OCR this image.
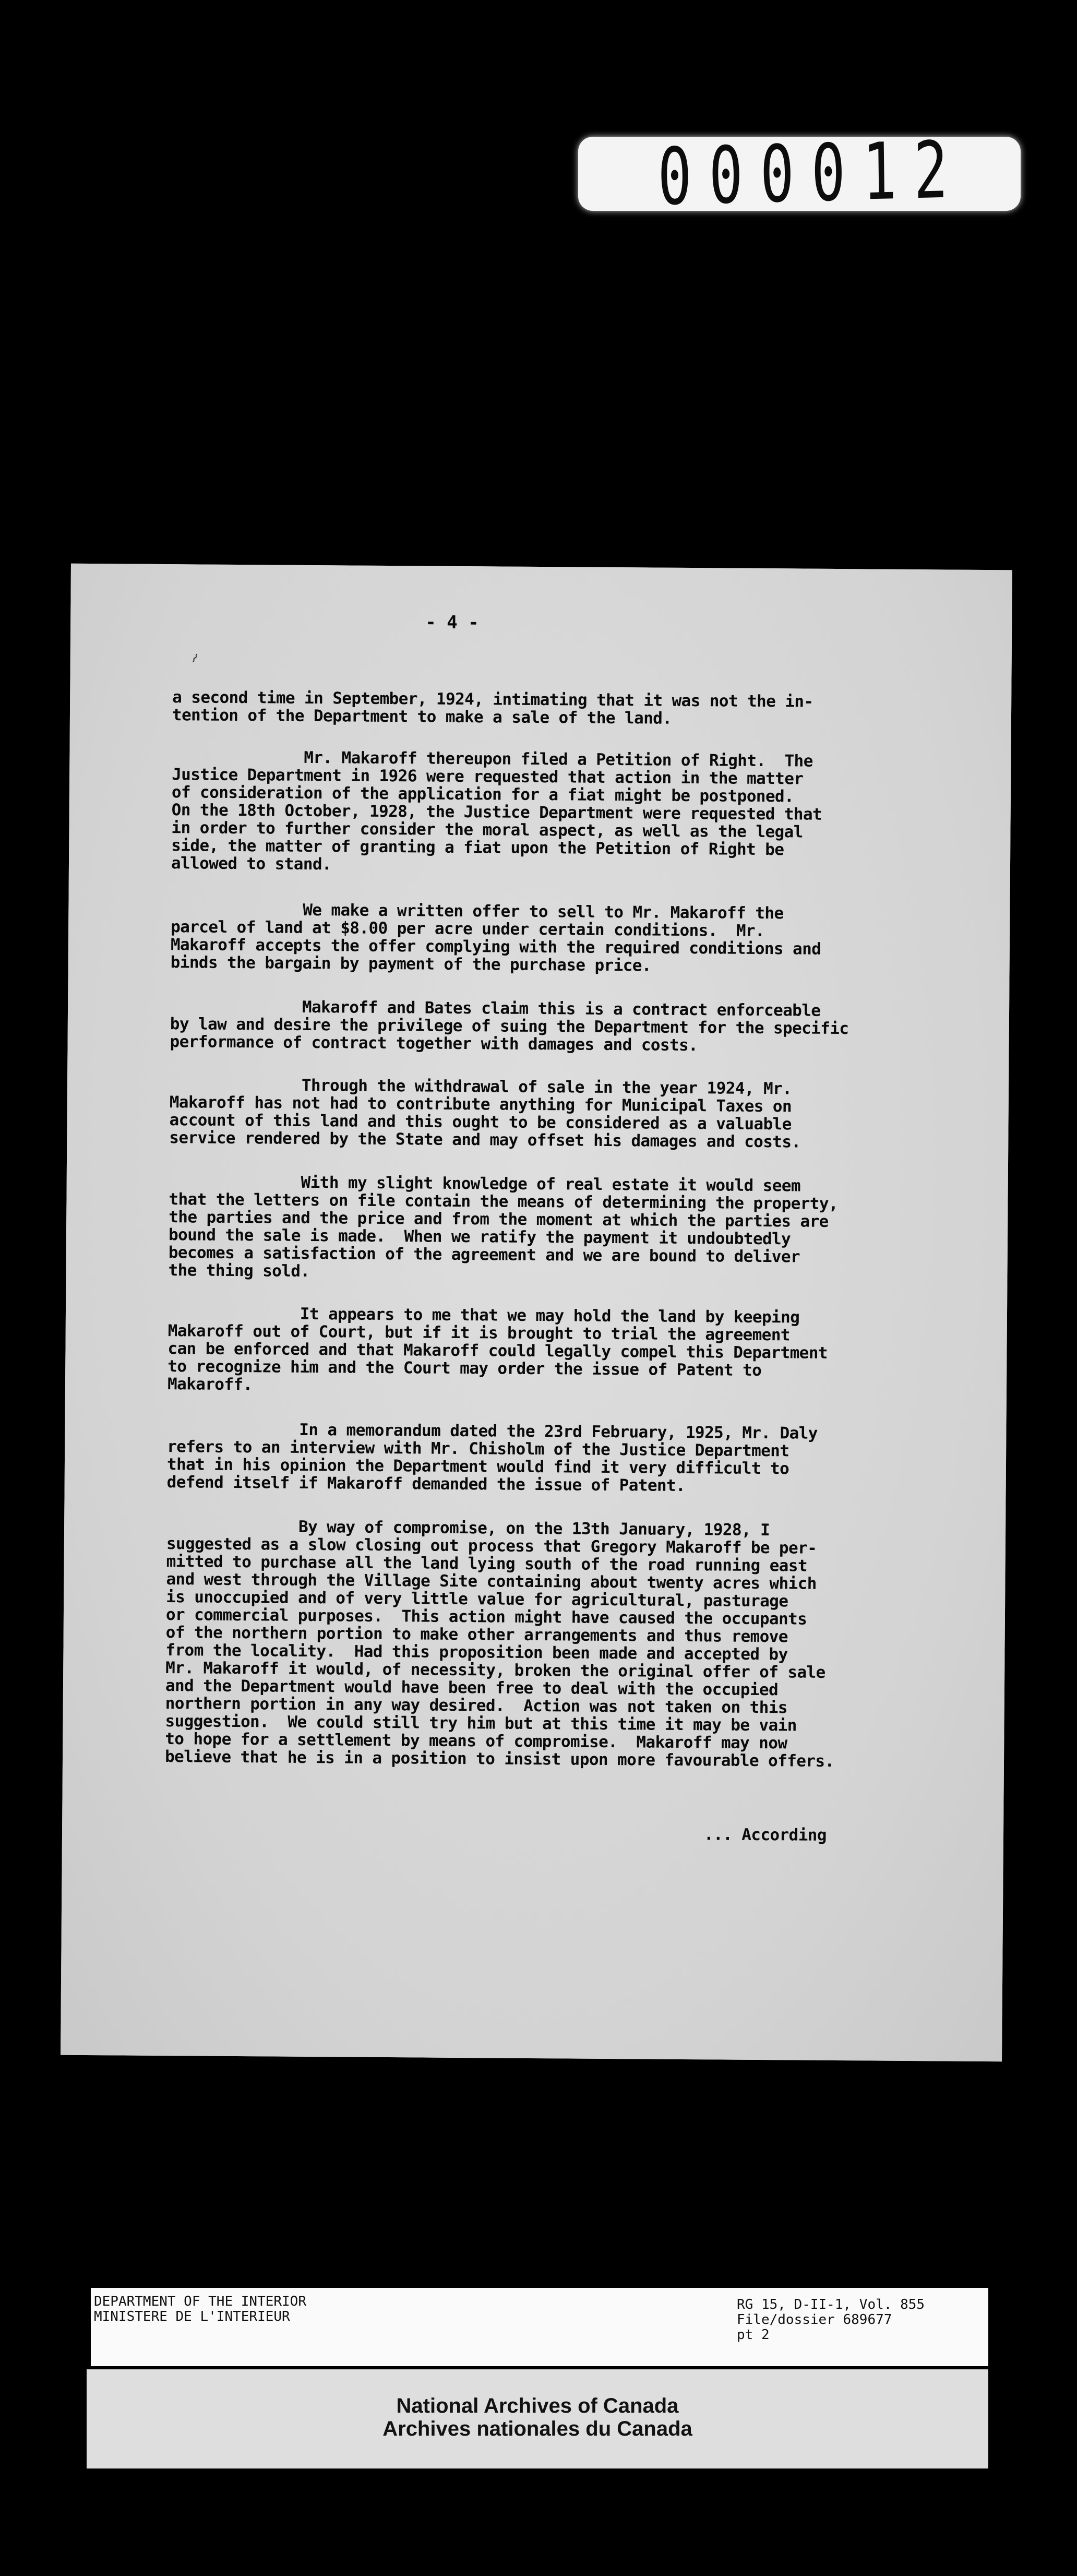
000012
- 4 -
⌇

a second time in September, 1924, intimating that it was not the in-
tention of the Department to make a sale of the land.

Mr. Makaroff thereupon filed a Petition of Right.  The
Justice Department in 1926 were requested that action in the matter
of consideration of the application for a fiat might be postponed.
On the 18th October, 1928, the Justice Department were requested that
in order to further consider the moral aspect, as well as the legal
side, the matter of granting a fiat upon the Petition of Right be
allowed to stand.

We make a written offer to sell to Mr. Makaroff the
parcel of land at $8.00 per acre under certain conditions.  Mr.
Makaroff accepts the offer complying with the required conditions and
binds the bargain by payment of the purchase price.

Makaroff and Bates claim this is a contract enforceable
by law and desire the privilege of suing the Department for the specific
performance of contract together with damages and costs.

Through the withdrawal of sale in the year 1924, Mr.
Makaroff has not had to contribute anything for Municipal Taxes on
account of this land and this ought to be considered as a valuable
service rendered by the State and may offset his damages and costs.

With my slight knowledge of real estate it would seem
that the letters on file contain the means of determining the property,
the parties and the price and from the moment at which the parties are
bound the sale is made.  When we ratify the payment it undoubtedly
becomes a satisfaction of the agreement and we are bound to deliver
the thing sold.

It appears to me that we may hold the land by keeping
Makaroff out of Court, but if it is brought to trial the agreement
can be enforced and that Makaroff could legally compel this Department
to recognize him and the Court may order the issue of Patent to
Makaroff.

In a memorandum dated the 23rd February, 1925, Mr. Daly
refers to an interview with Mr. Chisholm of the Justice Department
that in his opinion the Department would find it very difficult to
defend itself if Makaroff demanded the issue of Patent.

By way of compromise, on the 13th January, 1928, I
suggested as a slow closing out process that Gregory Makaroff be per-
mitted to purchase all the land lying south of the road running east
and west through the Village Site containing about twenty acres which
is unoccupied and of very little value for agricultural, pasturage
or commercial purposes.  This action might have caused the occupants
of the northern portion to make other arrangements and thus remove
from the locality.  Had this proposition been made and accepted by
Mr. Makaroff it would, of necessity, broken the original offer of sale
and the Department would have been free to deal with the occupied
northern portion in any way desired.  Action was not taken on this
suggestion.  We could still try him but at this time it may be vain
to hope for a settlement by means of compromise.  Makaroff may now
believe that he is in a position to insist upon more favourable offers.

... According

DEPARTMENT OF THE INTERIOR

MINISTERE DE L'INTERIEUR

RG 15, D-II-1, Vol. 855

File/dossier 689677

pt 2

National Archives of Canada
Archives nationales du Canada
